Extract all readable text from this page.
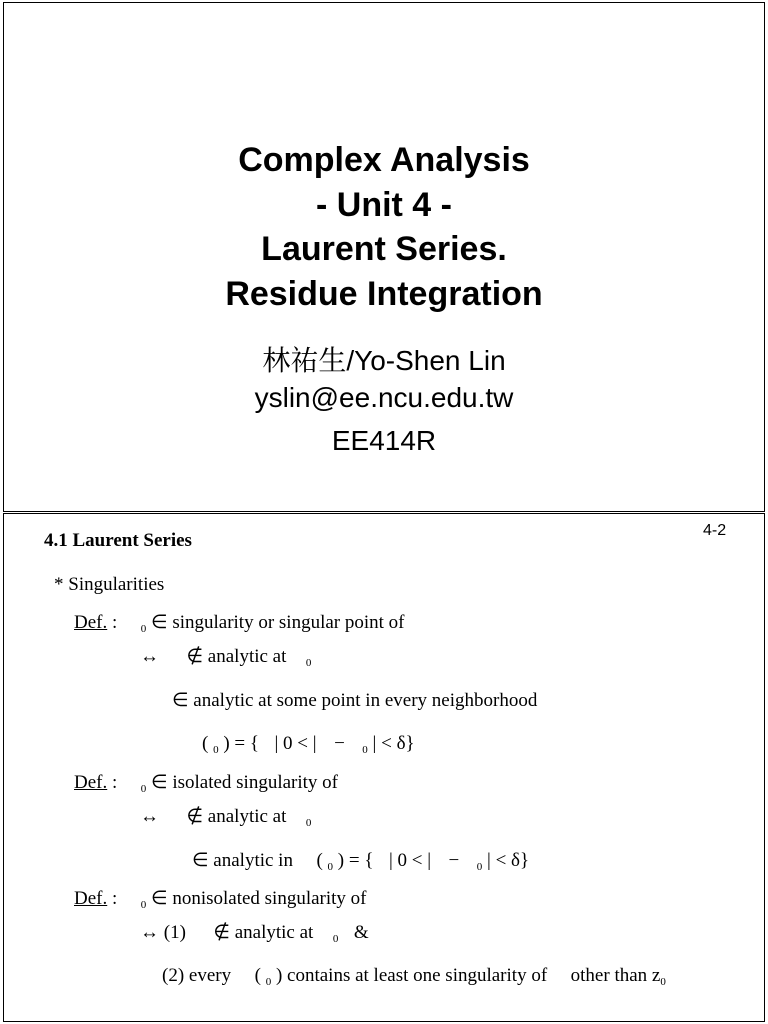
Complex Analysis
- Unit 4 -
Laurent Series.
Residue Integration
林祐生/Yo-Shen Lin
yslin@ee.ncu.edu.tw
EE414R
4-2
4.1 Laurent Series
* Singularities
Def. : $_0$ ∈ singularity or singular point of
↔ ∉ analytic at $_0$
∈ analytic at some point in every neighborhood
( $_0$ ) = { | 0 < | − $_0$ | < δ}
Def. : $_0$ ∈ isolated singularity of
↔ ∉ analytic at $_0$
∈ analytic in ( $_0$ ) = { | 0 < | − $_0$ | < δ}
Def. : $_0$ ∈ nonisolated singularity of
↔ (1) ∉ analytic at $_0$ &
(2) every ( $_0$ ) contains at least one singularity of other than $z_0$
